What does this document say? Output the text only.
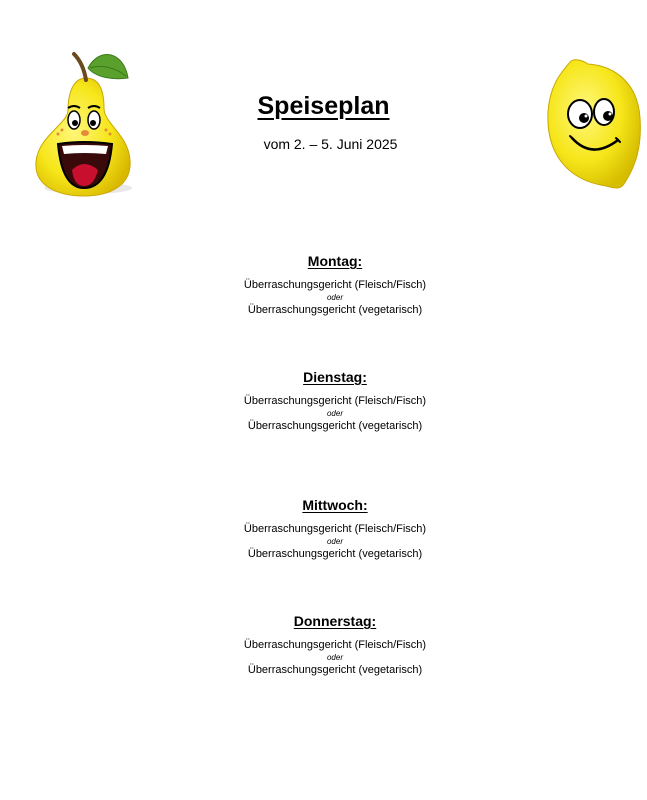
Speiseplan

vom 2. – 5. Juni 2025

Montag:

Überraschungsgericht (Fleisch/Fisch)

oder

Überraschungsgericht (vegetarisch)

Dienstag:

Überraschungsgericht (Fleisch/Fisch)

oder

Überraschungsgericht (vegetarisch)

Mittwoch:

Überraschungsgericht (Fleisch/Fisch)

oder

Überraschungsgericht (vegetarisch)

Donnerstag:

Überraschungsgericht (Fleisch/Fisch)

oder

Überraschungsgericht (vegetarisch)
